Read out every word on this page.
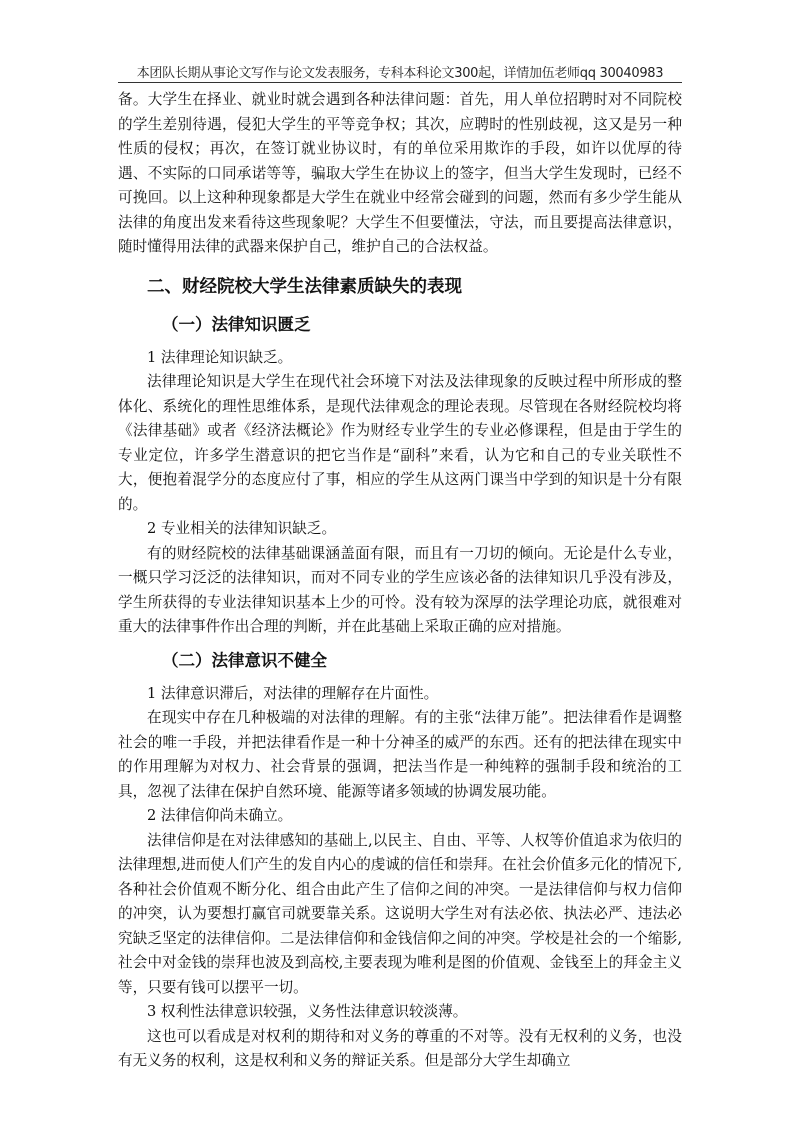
本团队长期从事论文写作与论文发表服务，专科本科论文300起，详情加伍老师qq 30040983

备。大学生在择业、就业时就会遇到各种法律问题：首先，用人单位招聘时对不同院校的学生差别待遇，侵犯大学生的平等竞争权；其次，应聘时的性别歧视，这又是另一种性质的侵权；再次，在签订就业协议时，有的单位采用欺诈的手段，如许以优厚的待遇、不实际的口同承诺等等，骗取大学生在协议上的签字，但当大学生发现时，已经不可挽回。以上这种种现象都是大学生在就业中经常会碰到的问题，然而有多少学生能从法律的角度出发来看待这些现象呢？大学生不但要懂法，守法，而且要提高法律意识，随时懂得用法律的武器来保护自己，维护自己的合法权益。

二、财经院校大学生法律素质缺失的表现
（一）法律知识匮乏

1 法律理论知识缺乏。

法律理论知识是大学生在现代社会环境下对法及法律现象的反映过程中所形成的整体化、系统化的理性思维体系，是现代法律观念的理论表现。尽管现在各财经院校均将《法律基础》或者《经济法概论》作为财经专业学生的专业必修课程，但是由于学生的专业定位，许多学生潜意识的把它当作是“副科”来看，认为它和自己的专业关联性不大，便抱着混学分的态度应付了事，相应的学生从这两门课当中学到的知识是十分有限的。

2 专业相关的法律知识缺乏。

有的财经院校的法律基础课涵盖面有限，而且有一刀切的倾向。无论是什么专业，一概只学习泛泛的法律知识，而对不同专业的学生应该必备的法律知识几乎没有涉及，学生所获得的专业法律知识基本上少的可怜。没有较为深厚的法学理论功底，就很难对重大的法律事件作出合理的判断，并在此基础上采取正确的应对措施。

（二）法律意识不健全

1 法律意识滞后，对法律的理解存在片面性。

在现实中存在几种极端的对法律的理解。有的主张“法律万能”。把法律看作是调整社会的唯一手段，并把法律看作是一种十分神圣的威严的东西。还有的把法律在现实中的作用理解为对权力、社会背景的强调，把法当作是一种纯粹的强制手段和统治的工具，忽视了法律在保护自然环境、能源等诸多领域的协调发展功能。

2 法律信仰尚未确立。

法律信仰是在对法律感知的基础上,以民主、自由、平等、人权等价值追求为依归的法律理想,进而使人们产生的发自内心的虔诚的信任和崇拜。在社会价值多元化的情况下,各种社会价值观不断分化、组合由此产生了信仰之间的冲突。一是法律信仰与权力信仰的冲突，认为要想打赢官司就要靠关系。这说明大学生对有法必依、执法必严、违法必究缺乏坚定的法律信仰。二是法律信仰和金钱信仰之间的冲突。学校是社会的一个缩影,社会中对金钱的崇拜也波及到高校,主要表现为唯利是图的价值观、金钱至上的拜金主义等，只要有钱可以摆平一切。

3 权利性法律意识较强，义务性法律意识较淡薄。

这也可以看成是对权利的期待和对义务的尊重的不对等。没有无权利的义务，也没有无义务的权利，这是权利和义务的辩证关系。但是部分大学生却确立
